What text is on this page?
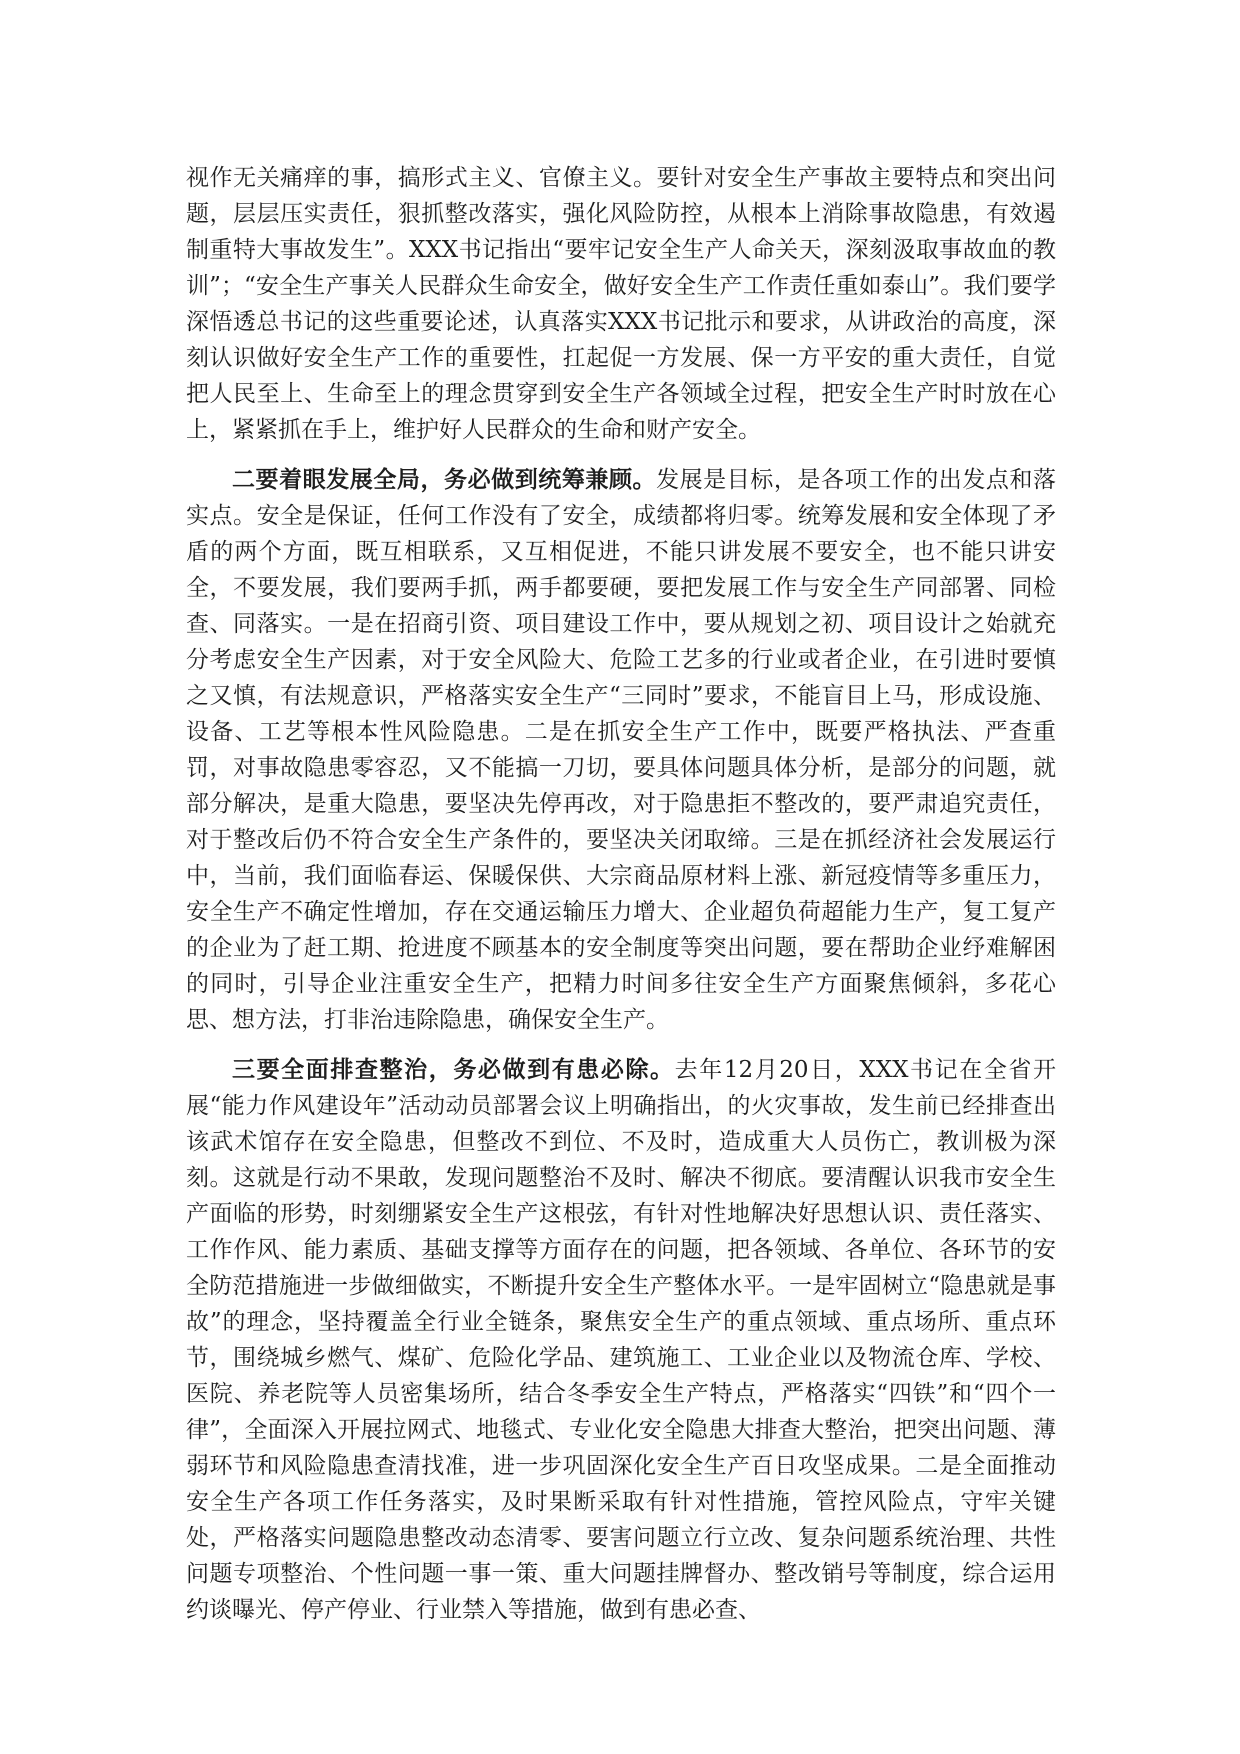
视作无关痛痒的事，搞形式主义、官僚主义。要针对安全生产事故主要特点和突出问题，层层压实责任，狠抓整改落实，强化风险防控，从根本上消除事故隐患，有效遏制重特大事故发生”。XXX书记指出“要牢记安全生产人命关天，深刻汲取事故血的教训”；“安全生产事关人民群众生命安全，做好安全生产工作责任重如泰山”。我们要学深悟透总书记的这些重要论述，认真落实XXX书记批示和要求，从讲政治的高度，深刻认识做好安全生产工作的重要性，扛起促一方发展、保一方平安的重大责任，自觉把人民至上、生命至上的理念贯穿到安全生产各领域全过程，把安全生产时时放在心上，紧紧抓在手上，维护好人民群众的生命和财产安全。

二要着眼发展全局，务必做到统筹兼顾。发展是目标，是各项工作的出发点和落实点。安全是保证，任何工作没有了安全，成绩都将归零。统筹发展和安全体现了矛盾的两个方面，既互相联系，又互相促进，不能只讲发展不要安全，也不能只讲安全，不要发展，我们要两手抓，两手都要硬，要把发展工作与安全生产同部署、同检查、同落实。一是在招商引资、项目建设工作中，要从规划之初、项目设计之始就充分考虑安全生产因素，对于安全风险大、危险工艺多的行业或者企业，在引进时要慎之又慎，有法规意识，严格落实安全生产“三同时”要求，不能盲目上马，形成设施、设备、工艺等根本性风险隐患。二是在抓安全生产工作中，既要严格执法、严查重罚，对事故隐患零容忍，又不能搞一刀切，要具体问题具体分析，是部分的问题，就部分解决，是重大隐患，要坚决先停再改，对于隐患拒不整改的，要严肃追究责任，对于整改后仍不符合安全生产条件的，要坚决关闭取缔。三是在抓经济社会发展运行中，当前，我们面临春运、保暖保供、大宗商品原材料上涨、新冠疫情等多重压力，安全生产不确定性增加，存在交通运输压力增大、企业超负荷超能力生产，复工复产的企业为了赶工期、抢进度不顾基本的安全制度等突出问题，要在帮助企业纾难解困的同时，引导企业注重安全生产，把精力时间多往安全生产方面聚焦倾斜，多花心思、想方法，打非治违除隐患，确保安全生产。

三要全面排查整治，务必做到有患必除。去年12月20日，XXX书记在全省开展“能力作风建设年”活动动员部署会议上明确指出，的火灾事故，发生前已经排查出该武术馆存在安全隐患，但整改不到位、不及时，造成重大人员伤亡，教训极为深刻。这就是行动不果敢，发现问题整治不及时、解决不彻底。要清醒认识我市安全生产面临的形势，时刻绷紧安全生产这根弦，有针对性地解决好思想认识、责任落实、工作作风、能力素质、基础支撑等方面存在的问题，把各领域、各单位、各环节的安全防范措施进一步做细做实，不断提升安全生产整体水平。一是牢固树立“隐患就是事故”的理念，坚持覆盖全行业全链条，聚焦安全生产的重点领域、重点场所、重点环节，围绕城乡燃气、煤矿、危险化学品、建筑施工、工业企业以及物流仓库、学校、医院、养老院等人员密集场所，结合冬季安全生产特点，严格落实“四铁”和“四个一律”，全面深入开展拉网式、地毯式、专业化安全隐患大排查大整治，把突出问题、薄弱环节和风险隐患查清找准，进一步巩固深化安全生产百日攻坚成果。二是全面推动安全生产各项工作任务落实，及时果断采取有针对性措施，管控风险点，守牢关键处，严格落实问题隐患整改动态清零、要害问题立行立改、复杂问题系统治理、共性问题专项整治、个性问题一事一策、重大问题挂牌督办、整改销号等制度，综合运用约谈曝光、停产停业、行业禁入等措施，做到有患必查、
